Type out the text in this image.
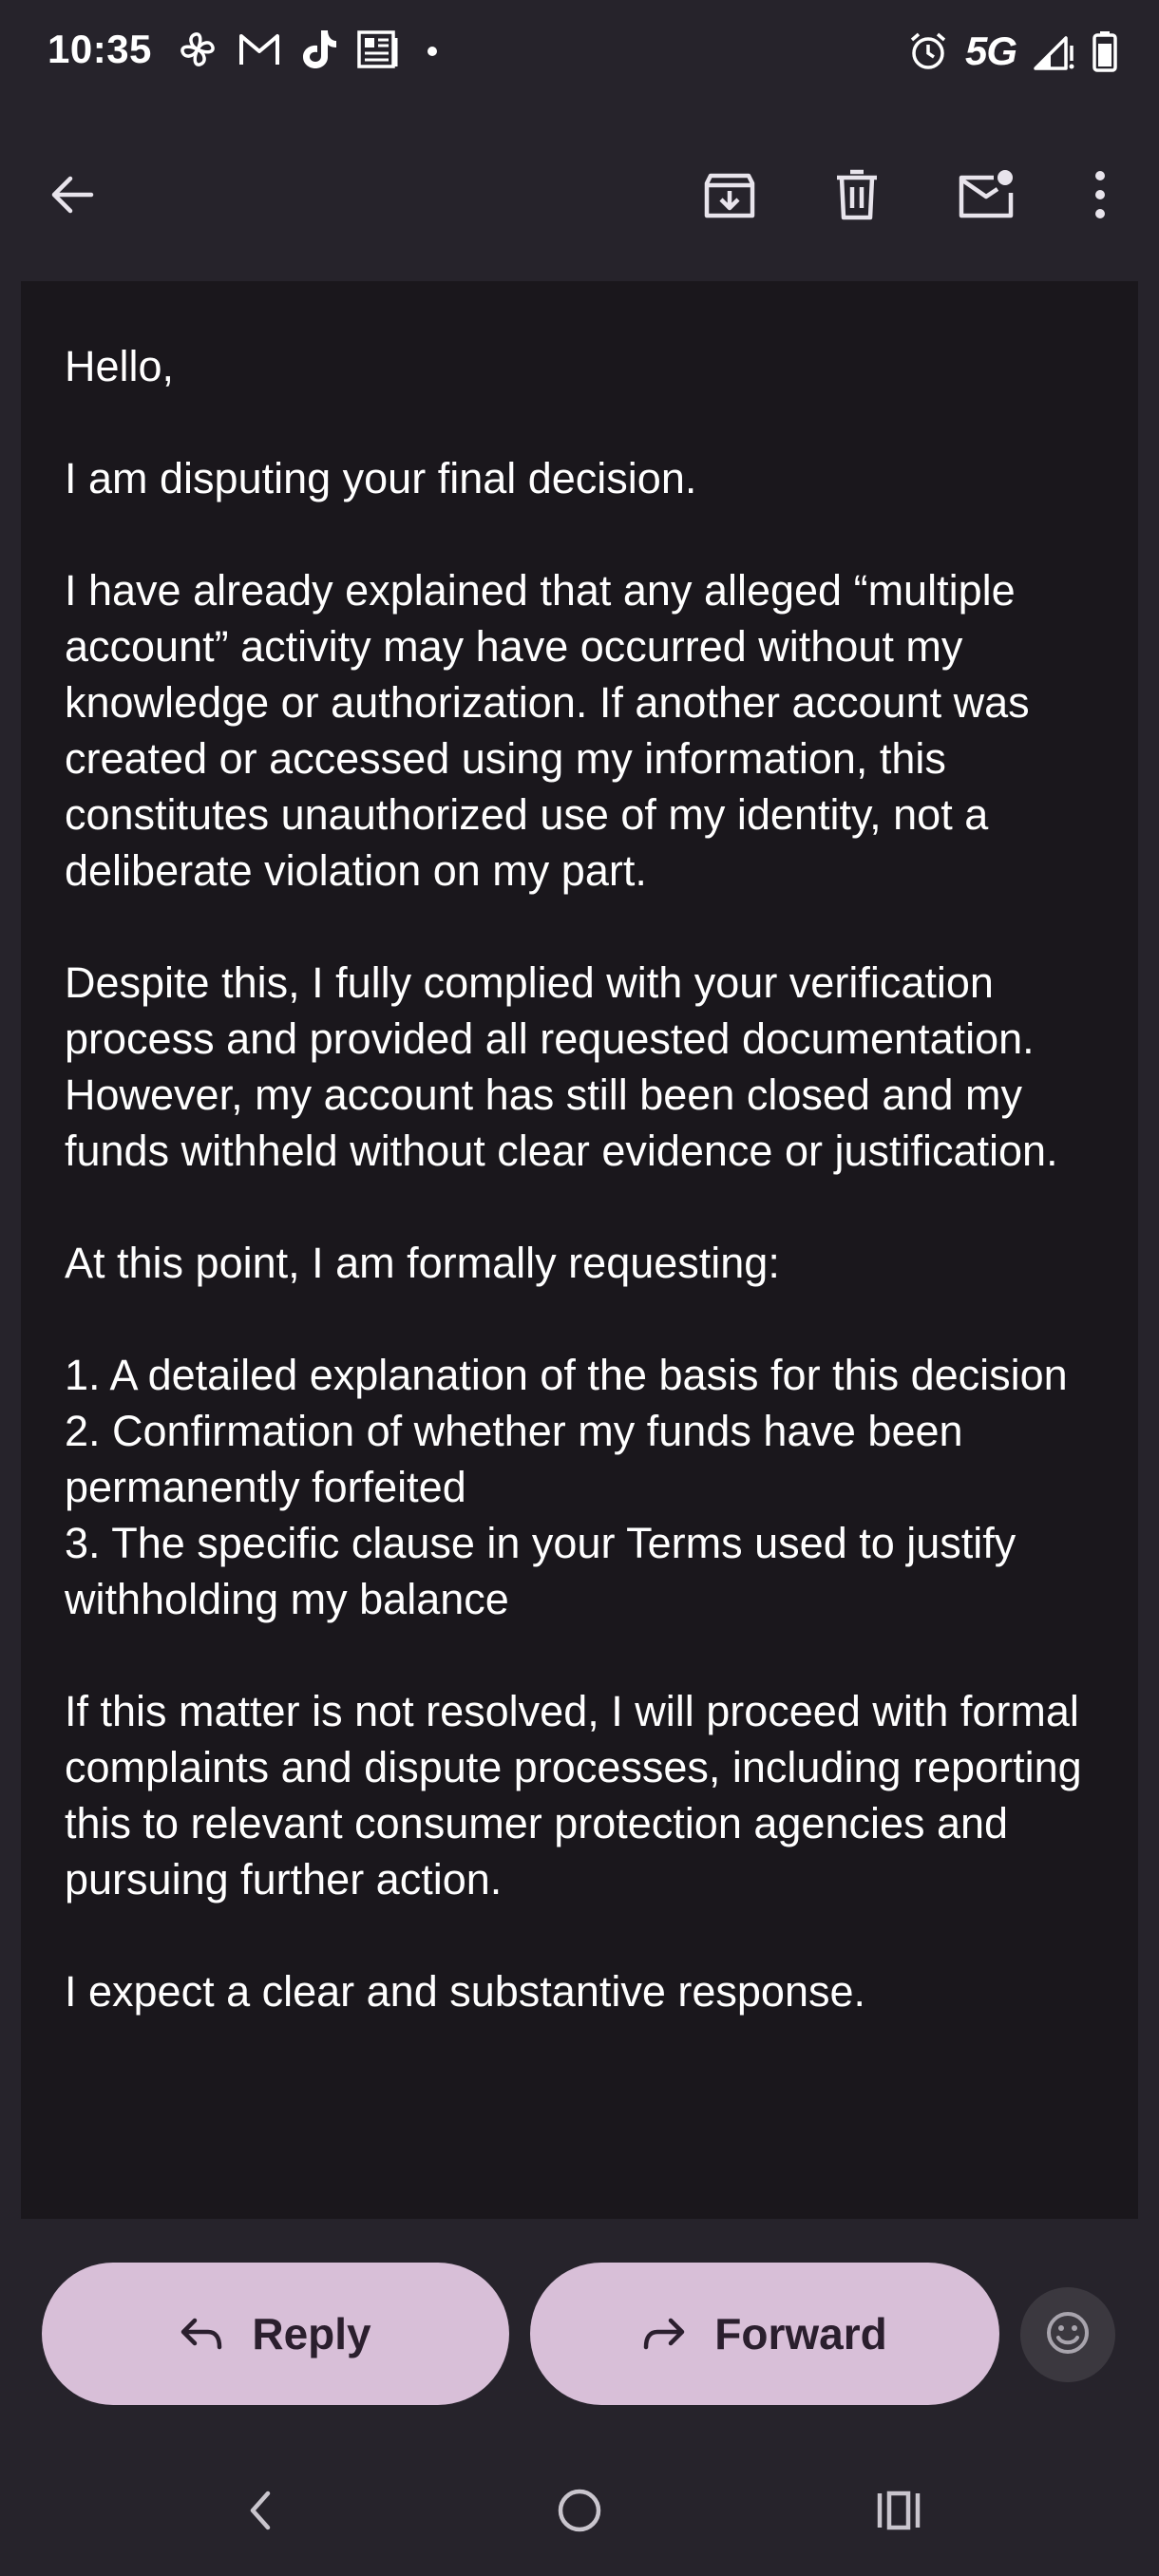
10:35	5G

Hello,

I am disputing your final decision.

I have already explained that any alleged “multiple account” activity may have occurred without my knowledge or authorization. If another account was created or accessed using my information, this constitutes unauthorized use of my identity, not a deliberate violation on my part.

Despite this, I fully complied with your verification process and provided all requested documentation. However, my account has still been closed and my funds withheld without clear evidence or justification.

At this point, I am formally requesting:

1. A detailed explanation of the basis for this decision
2. Confirmation of whether my funds have been permanently forfeited
3. The specific clause in your Terms used to justify withholding my balance

If this matter is not resolved, I will proceed with formal complaints and dispute processes, including reporting this to relevant consumer protection agencies and pursuing further action.

I expect a clear and substantive response.

Reply	Forward
